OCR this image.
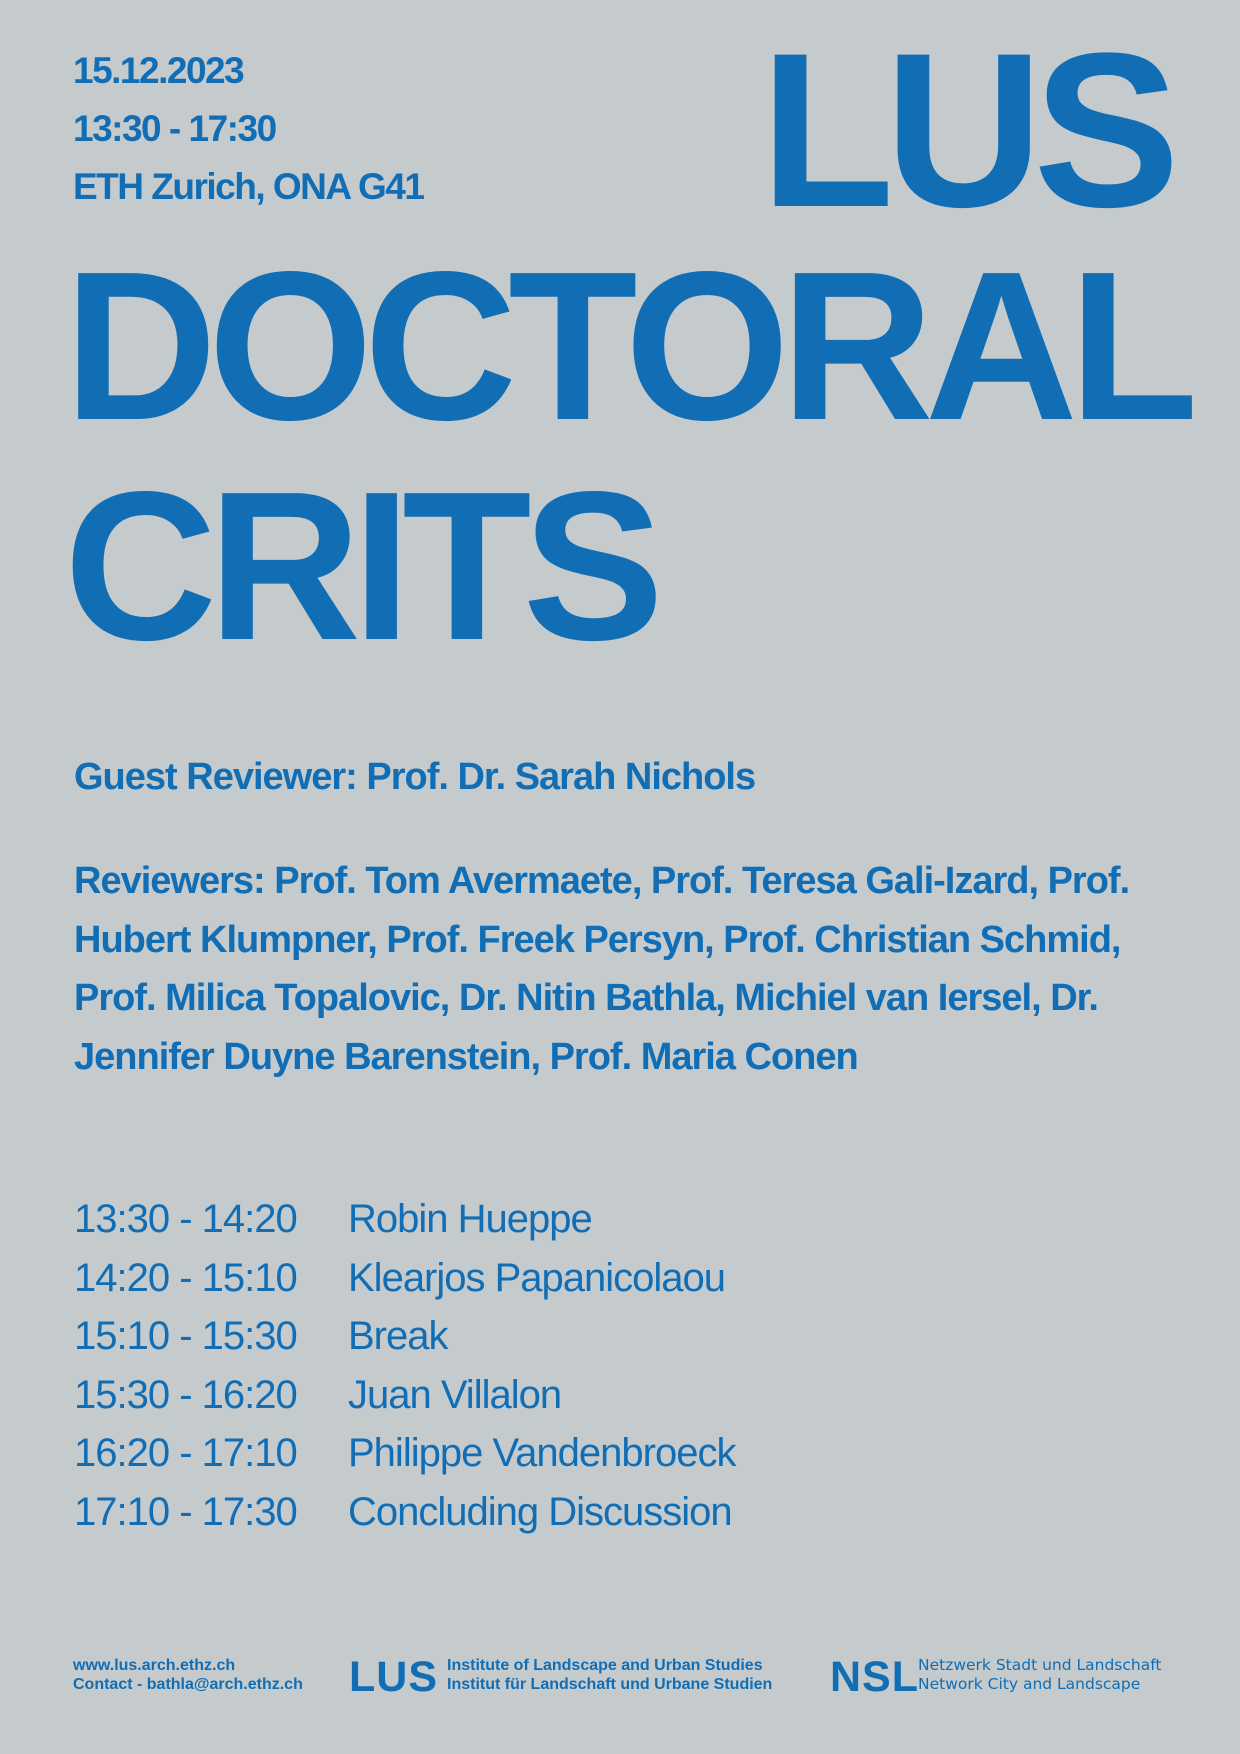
15.12.2023
13:30 - 17:30
ETH Zurich, ONA G41 LUS
DOCTORAL
CRITS
Guest Reviewer: Prof. Dr. Sarah Nichols
Reviewers: Prof. Tom Avermaete, Prof. Teresa Gali-Izard, Prof. Hubert Klumpner, Prof. Freek Persyn, Prof. Christian Schmid, Prof. Milica Topalovic, Dr. Nitin Bathla, Michiel van Iersel, Dr. Jennifer Duyne Barenstein, Prof. Maria Conen
13:30 - 14:20	Robin Hueppe
14:20 - 15:10	Klearjos Papanicolaou
15:10 - 15:30	Break
15:30 - 16:20	Juan Villalon
16:20 - 17:10	Philippe Vandenbroeck
17:10 - 17:30	Concluding Discussion
www.lus.arch.ethz.ch
Contact - bathla@arch.ethz.ch LUS Institute of Landscape and Urban Studies
Institut für Landschaft und Urbane Studien NSL Netzwerk Stadt und Landschaft
Network City and Landscape
